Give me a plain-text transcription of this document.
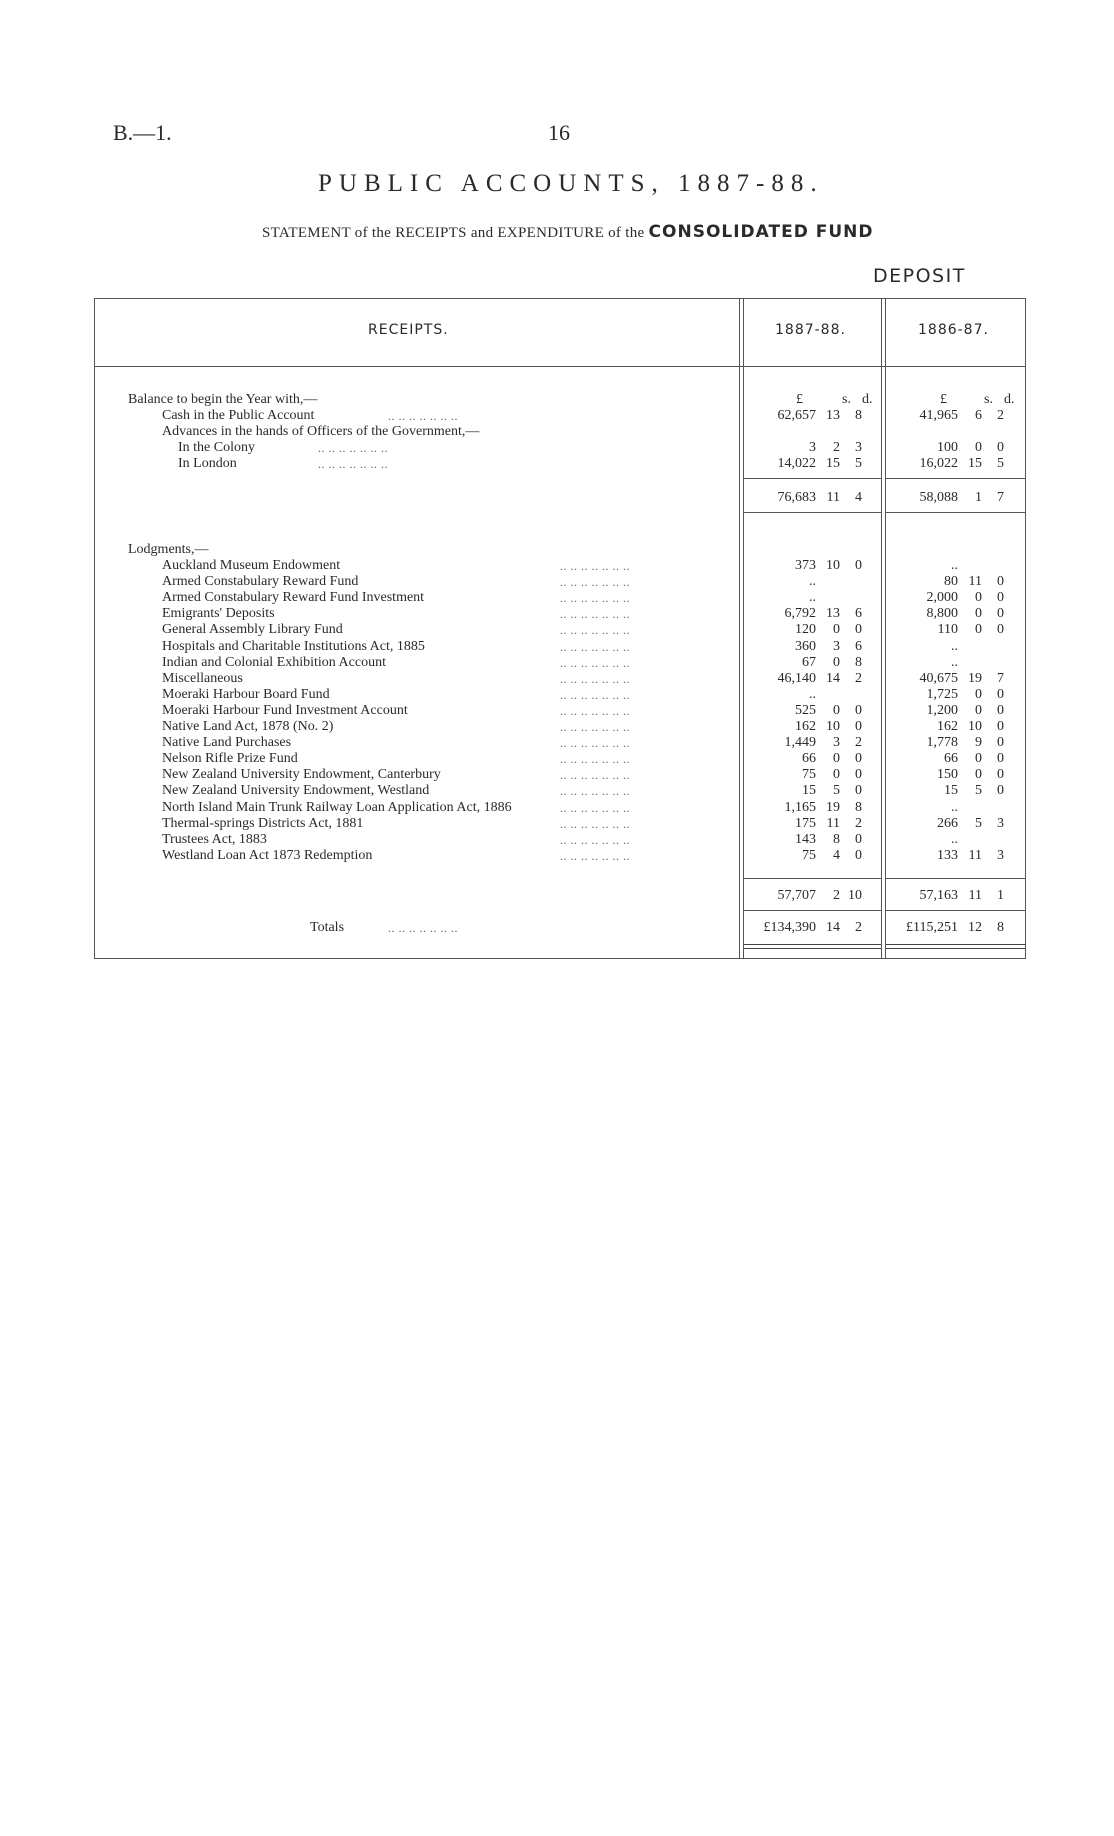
B.—1.	16
PUBLIC ACCOUNTS, 1887-88.
STATEMENT of the RECEIPTS and EXPENDITURE of the CONSOLIDATED FUND
DEPOSIT
RECEIPTS.	1887-88.	1886-87.
£	s. d.	£	s. d.
Balance to begin the Year with,—
Cash in the Public Account	.. .. .. .. .. .. ..	62,657 13 8	41,965 6 2
Advances in the hands of Officers of the Government,—
In the Colony	.. .. .. .. .. .. ..	3 2 3	100 0 0
In London	.. .. .. .. .. .. ..	14,022 15 5	16,022 15 5
76,683 11 4	58,088 1 7
Lodgments,—
Auckland Museum Endowment	.. .. .. .. .. .. ..	373 10 0	..
Armed Constabulary Reward Fund	.. .. .. .. .. .. ..	..	80 11 0
Armed Constabulary Reward Fund Investment	.. .. .. .. .. .. ..	..	2,000 0 0
Emigrants' Deposits	.. .. .. .. .. .. ..	6,792 13 6	8,800 0 0
General Assembly Library Fund	.. .. .. .. .. .. ..	120 0 0	110 0 0
Hospitals and Charitable Institutions Act, 1885	.. .. .. .. .. .. ..	360 3 6	..
Indian and Colonial Exhibition Account	.. .. .. .. .. .. ..	67 0 8	..
Miscellaneous	.. .. .. .. .. .. ..	46,140 14 2	40,675 19 7
Moeraki Harbour Board Fund	.. .. .. .. .. .. ..	..	1,725 0 0
Moeraki Harbour Fund Investment Account	.. .. .. .. .. .. ..	525 0 0	1,200 0 0
Native Land Act, 1878 (No. 2)	.. .. .. .. .. .. ..	162 10 0	162 10 0
Native Land Purchases	.. .. .. .. .. .. ..	1,449 3 2	1,778 9 0
Nelson Rifle Prize Fund	.. .. .. .. .. .. ..	66 0 0	66 0 0
New Zealand University Endowment, Canterbury	.. .. .. .. .. .. ..	75 0 0	150 0 0
New Zealand University Endowment, Westland	.. .. .. .. .. .. ..	15 5 0	15 5 0
North Island Main Trunk Railway Loan Application Act, 1886	.. .. .. .. .. .. ..	1,165 19 8	..
Thermal-springs Districts Act, 1881	.. .. .. .. .. .. ..	175 11 2	266 5 3
Trustees Act, 1883	.. .. .. .. .. .. ..	143 8 0	..
Westland Loan Act 1873 Redemption	.. .. .. .. .. .. ..	75 4 0	133 11 3
57,707 2 10	57,163 11 1
Totals	.. .. .. .. .. .. ..	£134,390 14 2	£115,251 12 8
